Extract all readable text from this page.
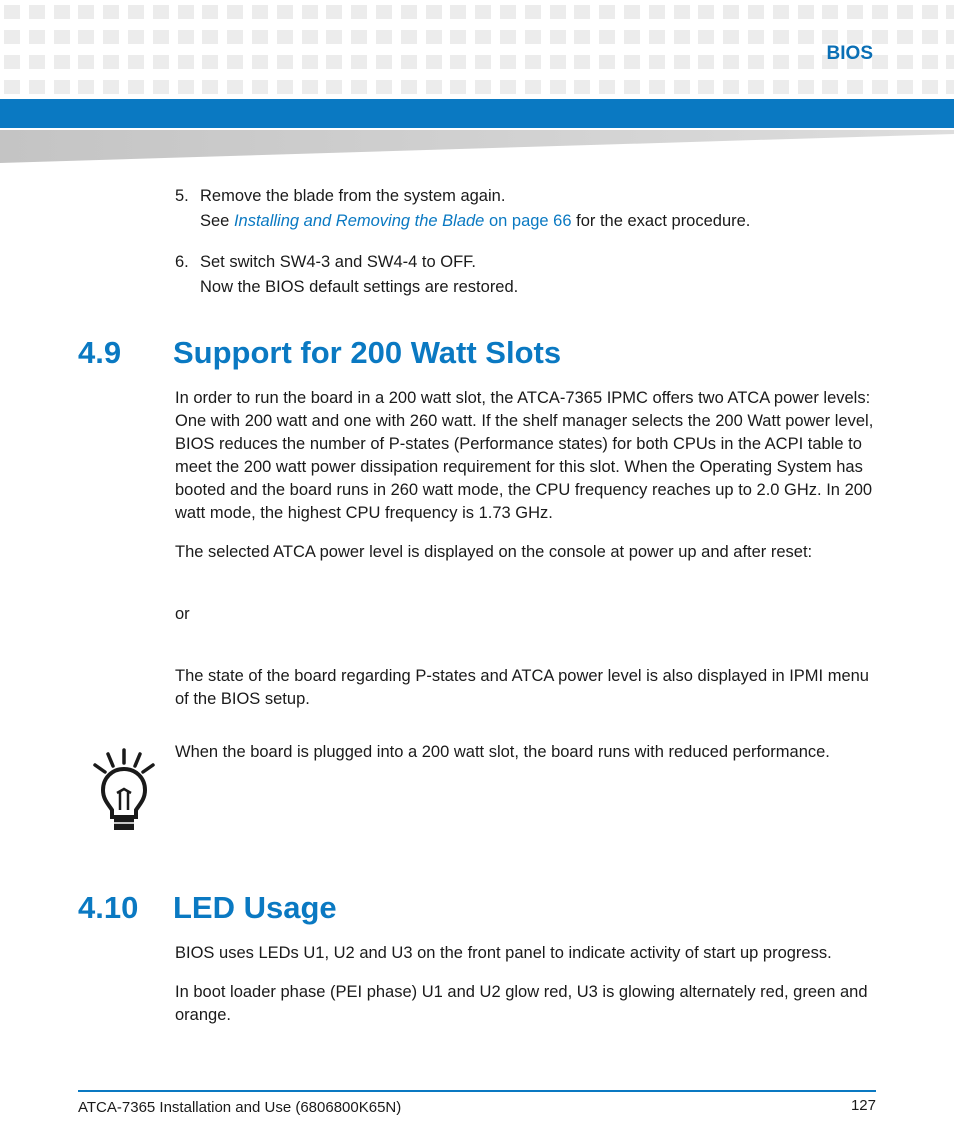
BIOS
5. Remove the blade from the system again.
See Installing and Removing the Blade on page 66 for the exact procedure.
6. Set switch SW4-3 and SW4-4 to OFF.
Now the BIOS default settings are restored.
4.9 Support for 200 Watt Slots
In order to run the board in a 200 watt slot, the ATCA-7365 IPMC offers two ATCA power levels: One with 200 watt and one with 260 watt. If the shelf manager selects the 200 Watt power level, BIOS reduces the number of P-states (Performance states) for both CPUs in the ACPI table to meet the 200 watt power dissipation requirement for this slot. When the Operating System has booted and the board runs in 260 watt mode, the CPU frequency reaches up to 2.0 GHz. In 200 watt mode, the highest CPU frequency is 1.73 GHz.
The selected ATCA power level is displayed on the console at power up and after reset:
or
The state of the board regarding P-states and ATCA power level is also displayed in IPMI menu of the BIOS setup.
When the board is plugged into a 200 watt slot, the board runs with reduced performance.
4.10 LED Usage
BIOS uses LEDs U1, U2 and U3 on the front panel to indicate activity of start up progress.
In boot loader phase (PEI phase) U1 and U2 glow red, U3 is glowing alternately red, green and orange.
ATCA-7365 Installation and Use (6806800K65N)	127
